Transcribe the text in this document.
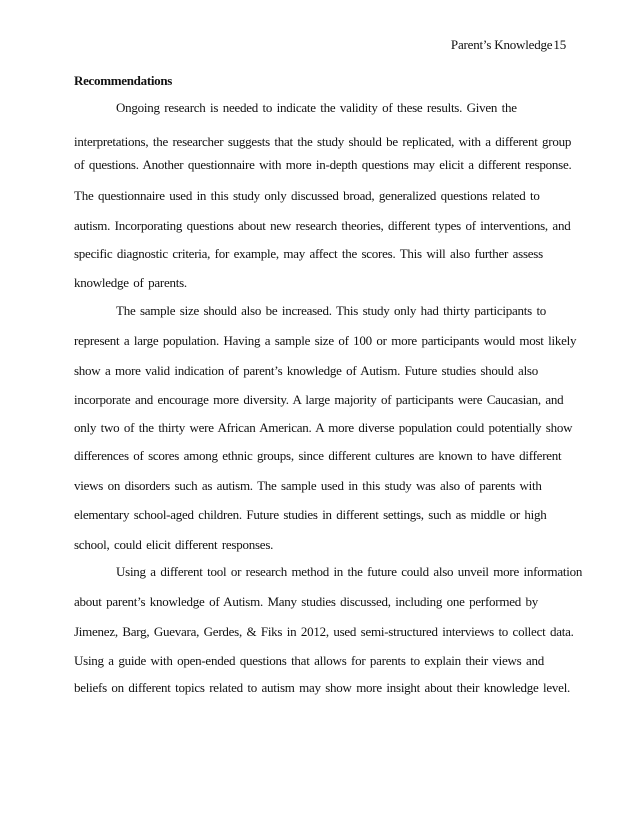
Parent’s Knowledge15
Recommendations
Ongoing research is needed to indicate the validity of these results. Given the
interpretations, the researcher suggests that the study should be replicated, with a different group
of questions. Another questionnaire with more in-depth questions may elicit a different response.
The questionnaire used in this study only discussed broad, generalized questions related to
autism. Incorporating questions about new research theories, different types of interventions, and
specific diagnostic criteria, for example, may affect the scores. This will also further assess
knowledge of parents.
The sample size should also be increased. This study only had thirty participants to
represent a large population. Having a sample size of 100 or more participants would most likely
show a more valid indication of parent’s knowledge of Autism. Future studies should also
incorporate and encourage more diversity. A large majority of participants were Caucasian, and
only two of the thirty were African American. A more diverse population could potentially show
differences of scores among ethnic groups, since different cultures are known to have different
views on disorders such as autism. The sample used in this study was also of parents with
elementary school-aged children. Future studies in different settings, such as middle or high
school, could elicit different responses.
Using a different tool or research method in the future could also unveil more information
about parent’s knowledge of Autism. Many studies discussed, including one performed by
Jimenez, Barg, Guevara, Gerdes, & Fiks in 2012, used semi-structured interviews to collect data.
Using a guide with open-ended questions that allows for parents to explain their views and
beliefs on different topics related to autism may show more insight about their knowledge level.
